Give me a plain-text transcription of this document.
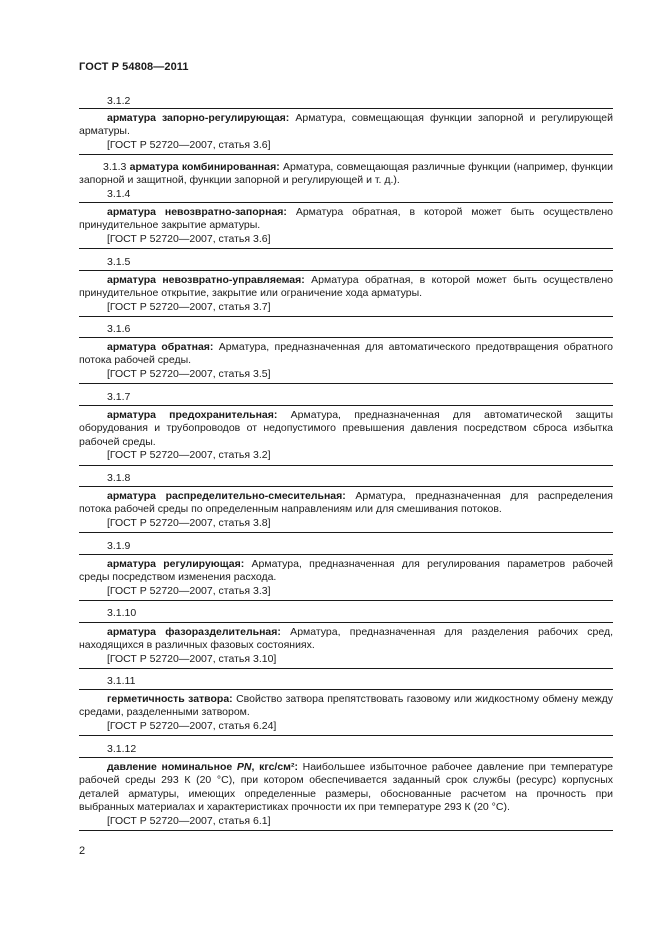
ГОСТ Р 54808—2011
3.1.2

арматура запорно-регулирующая: Арматура, совмещающая функции запорной и регулирующей арматуры.

[ГОСТ Р 52720—2007, статья 3.6]

3.1.3 арматура комбинированная: Арматура, совмещающая различные функции (например, функции запорной и защитной, функции запорной и регулирующей и т. д.).

3.1.4

арматура невозвратно-запорная: Арматура обратная, в которой может быть осуществлено принудительное закрытие арматуры.

[ГОСТ Р 52720—2007, статья 3.6]

3.1.5

арматура невозвратно-управляемая: Арматура обратная, в которой может быть осуществлено принудительное открытие, закрытие или ограничение хода арматуры.

[ГОСТ Р 52720—2007, статья 3.7]

3.1.6

арматура обратная: Арматура, предназначенная для автоматического предотвращения обратного потока рабочей среды.

[ГОСТ Р 52720—2007, статья 3.5]

3.1.7

арматура предохранительная: Арматура, предназначенная для автоматической защиты оборудования и трубопроводов от недопустимого превышения давления посредством сброса избытка рабочей среды.

[ГОСТ Р 52720—2007, статья 3.2]

3.1.8

арматура распределительно-смесительная: Арматура, предназначенная для распределения потока рабочей среды по определенным направлениям или для смешивания потоков.

[ГОСТ Р 52720—2007, статья 3.8]

3.1.9

арматура регулирующая: Арматура, предназначенная для регулирования параметров рабочей среды посредством изменения расхода.

[ГОСТ Р 52720—2007, статья 3.3]

3.1.10

арматура фазоразделительная: Арматура, предназначенная для разделения рабочих сред, находящихся в различных фазовых состояниях.

[ГОСТ Р 52720—2007, статья 3.10]

3.1.11

герметичность затвора: Свойство затвора препятствовать газовому или жидкостному обмену между средами, разделенными затвором.

[ГОСТ Р 52720—2007, статья 6.24]

3.1.12

давление номинальное PN, кгс/см²: Наибольшее избыточное рабочее давление при температуре рабочей среды 293 К (20 °С), при котором обеспечивается заданный срок службы (ресурс) корпусных деталей арматуры, имеющих определенные размеры, обоснованные расчетом на прочность при выбранных материалах и характеристиках прочности их при температуре 293 К (20 °С).

[ГОСТ Р 52720—2007, статья 6.1]

2
